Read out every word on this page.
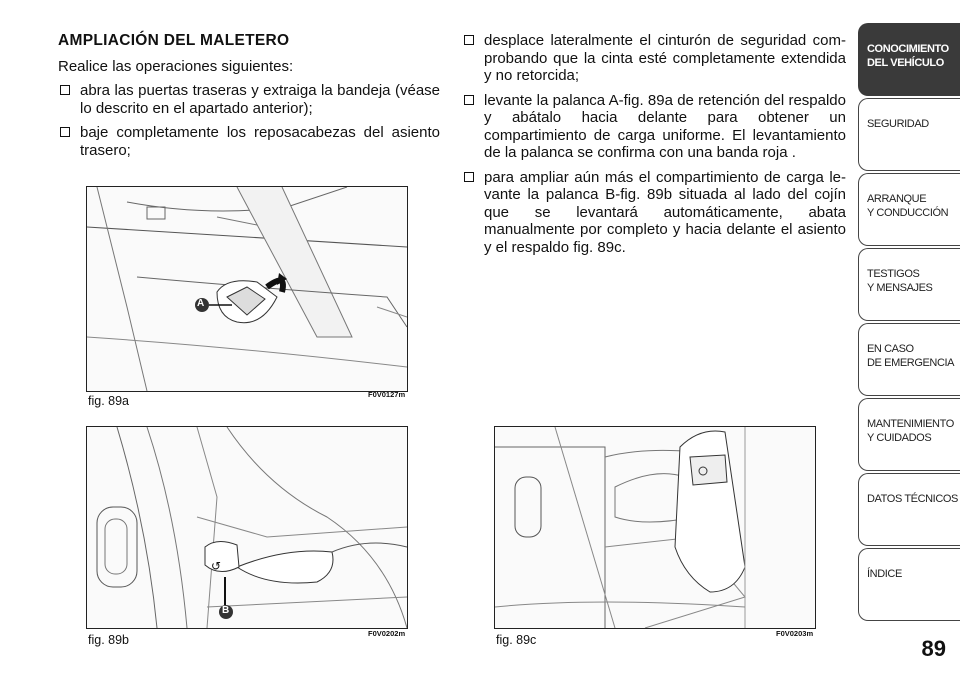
AMPLIACIÓN DEL MALETERO

Realice las operaciones siguientes:

abra las puertas traseras y extraiga la bandeja (véase lo descrito en el apartado anterior);
baje completamente los reposacabezas del asiento trasero;
desplace lateralmente el cinturón de seguridad com-probando que la cinta esté completamente extendida y no retorcida;
levante la palanca A-fig. 89a de retención del respaldo y abátalo hacia delante para obtener un compartimiento de carga uniforme. El levantamiento de la palanca se confirma con una banda roja .
para ampliar aún más el compartimiento de carga le-vante la palanca B-fig. 89b situada al lado del cojín que se levantará automáticamente, abata manualmente por completo y hacia delante el asiento y el respaldo fig. 89c.
A
fig. 89a	F0V0127m
↺
B
fig. 89b	F0V0202m	fig. 89c	F0V0203m
CONOCIMIENTO
DEL VEHÍCULO
SEGURIDAD
ARRANQUE
Y CONDUCCIÓN
TESTIGOS
Y MENSAJES
EN CASO
DE EMERGENCIA
MANTENIMIENTO
Y CUIDADOS
DATOS TÉCNICOS
ÍNDICE
89
